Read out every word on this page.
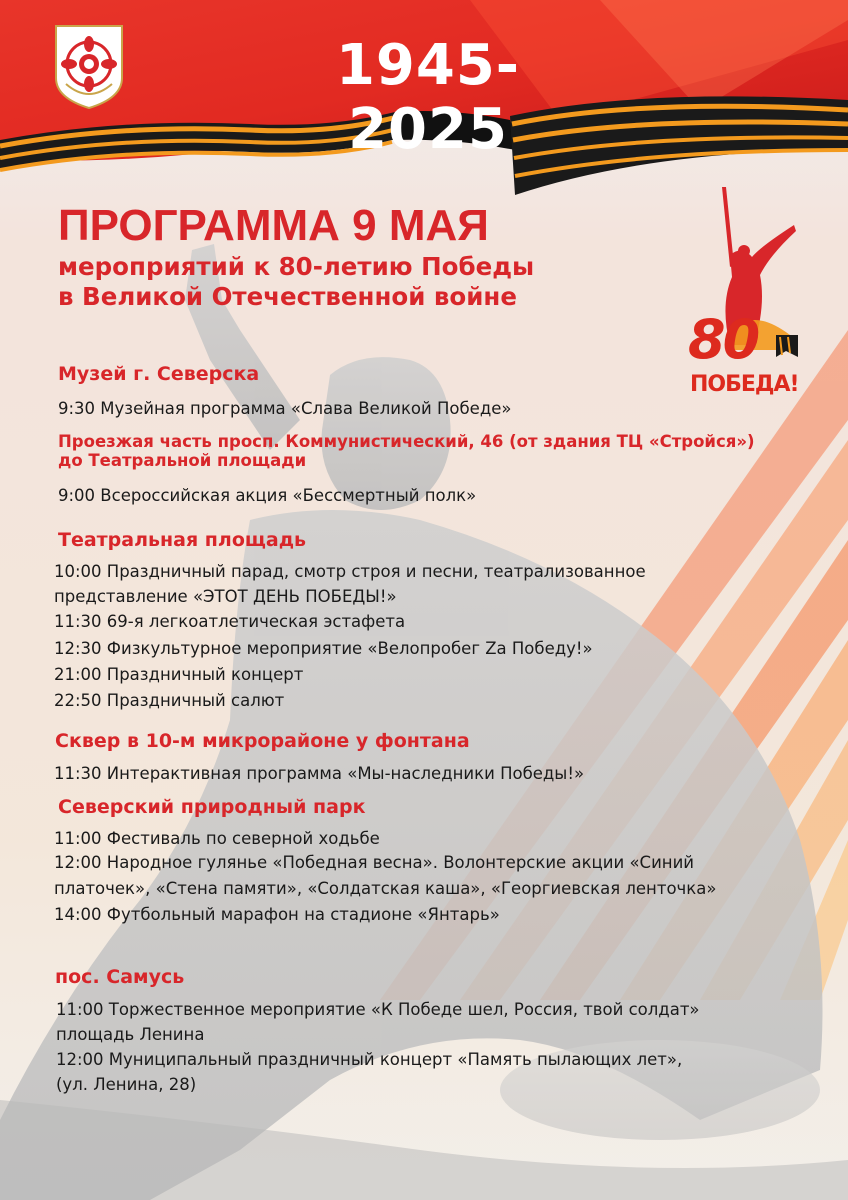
1945-2025
80
ПОБЕДА!
ПРОГРАММА 9 МАЯ
мероприятий к 80-летию Победы
в Великой Отечественной войне
Музей г. Северска
9:30 Музейная программа «Слава Великой Победе»
Проезжая часть просп. Коммунистический, 46 (от здания ТЦ «Стройся»)
до Театральной площади
9:00 Всероссийская акция «Бессмертный полк»
Театральная площадь
10:00 Праздничный парад, смотр строя и песни, театрализованное
представление «ЭТОТ ДЕНЬ ПОБЕДЫ!»
11:30 69-я легкоатлетическая эстафета
12:30 Физкультурное мероприятие «Велопробег Zа Победу!»
21:00 Праздничный концерт
22:50 Праздничный салют
Сквер в 10-м микрорайоне у фонтана
11:30 Интерактивная программа «Мы-наследники Победы!»
Северский природный парк
11:00 Фестиваль по северной ходьбе
12:00 Народное гулянье «Победная весна». Волонтерские акции «Синий
платочек», «Стена памяти», «Солдатская каша», «Георгиевская ленточка»
14:00 Футбольный марафон на стадионе «Янтарь»
пос. Самусь
11:00 Торжественное мероприятие «К Победе шел, Россия, твой солдат»
площадь Ленина
12:00 Муниципальный праздничный концерт «Память пылающих лет»,
(ул. Ленина, 28)
